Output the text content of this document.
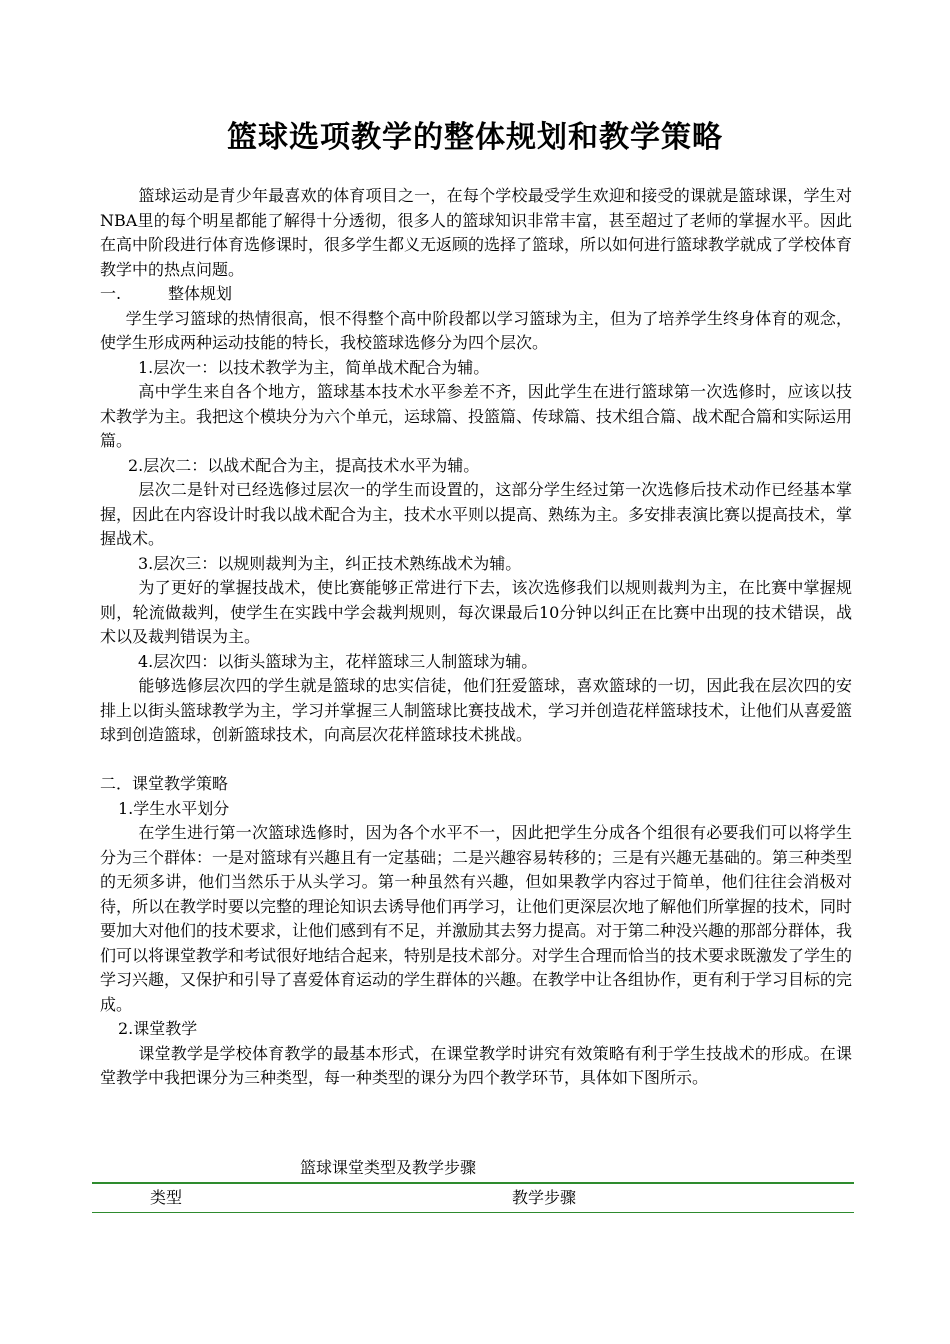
篮球选项教学的整体规划和教学策略

篮球运动是青少年最喜欢的体育项目之一，在每个学校最受学生欢迎和接受的课就是篮球课，学生对NBA里的每个明星都能了解得十分透彻，很多人的篮球知识非常丰富，甚至超过了老师的掌握水平。因此在高中阶段进行体育选修课时，很多学生都义无返顾的选择了篮球，所以如何进行篮球教学就成了学校体育教学中的热点问题。

一.	整体规划

学生学习篮球的热情很高，恨不得整个高中阶段都以学习篮球为主，但为了培养学生终身体育的观念，使学生形成两种运动技能的特长，我校篮球选修分为四个层次。

1.层次一：以技术教学为主，简单战术配合为辅。

高中学生来自各个地方，篮球基本技术水平参差不齐，因此学生在进行篮球第一次选修时，应该以技术教学为主。我把这个模块分为六个单元，运球篇、投篮篇、传球篇、技术组合篇、战术配合篇和实际运用篇。

2.层次二：以战术配合为主，提高技术水平为辅。

层次二是针对已经选修过层次一的学生而设置的，这部分学生经过第一次选修后技术动作已经基本掌握，因此在内容设计时我以战术配合为主，技术水平则以提高、熟练为主。多安排表演比赛以提高技术，掌握战术。

3.层次三：以规则裁判为主，纠正技术熟练战术为辅。

为了更好的掌握技战术，使比赛能够正常进行下去，该次选修我们以规则裁判为主，在比赛中掌握规则，轮流做裁判，使学生在实践中学会裁判规则，每次课最后10分钟以纠正在比赛中出现的技术错误，战术以及裁判错误为主。

4.层次四：以街头篮球为主，花样篮球三人制篮球为辅。

能够选修层次四的学生就是篮球的忠实信徒，他们狂爱篮球，喜欢篮球的一切，因此我在层次四的安排上以街头篮球教学为主，学习并掌握三人制篮球比赛技战术，学习并创造花样篮球技术，让他们从喜爱篮球到创造篮球，创新篮球技术，向高层次花样篮球技术挑战。

二．课堂教学策略

1.学生水平划分

在学生进行第一次篮球选修时，因为各个水平不一，因此把学生分成各个组很有必要我们可以将学生分为三个群体：一是对篮球有兴趣且有一定基础；二是兴趣容易转移的；三是有兴趣无基础的。第三种类型的无须多讲，他们当然乐于从头学习。第一种虽然有兴趣，但如果教学内容过于简单，他们往往会消极对待，所以在教学时要以完整的理论知识去诱导他们再学习，让他们更深层次地了解他们所掌握的技术，同时要加大对他们的技术要求，让他们感到有不足，并激励其去努力提高。对于第二种没兴趣的那部分群体，我们可以将课堂教学和考试很好地结合起来，特别是技术部分。对学生合理而恰当的技术要求既激发了学生的学习兴趣，又保护和引导了喜爱体育运动的学生群体的兴趣。在教学中让各组协作，更有利于学习目标的完成。

2.课堂教学

课堂教学是学校体育教学的最基本形式，在课堂教学时讲究有效策略有利于学生技战术的形成。在课堂教学中我把课分为三种类型，每一种类型的课分为四个教学环节，具体如下图所示。

篮球课堂类型及教学步骤
类型	教学步骤
